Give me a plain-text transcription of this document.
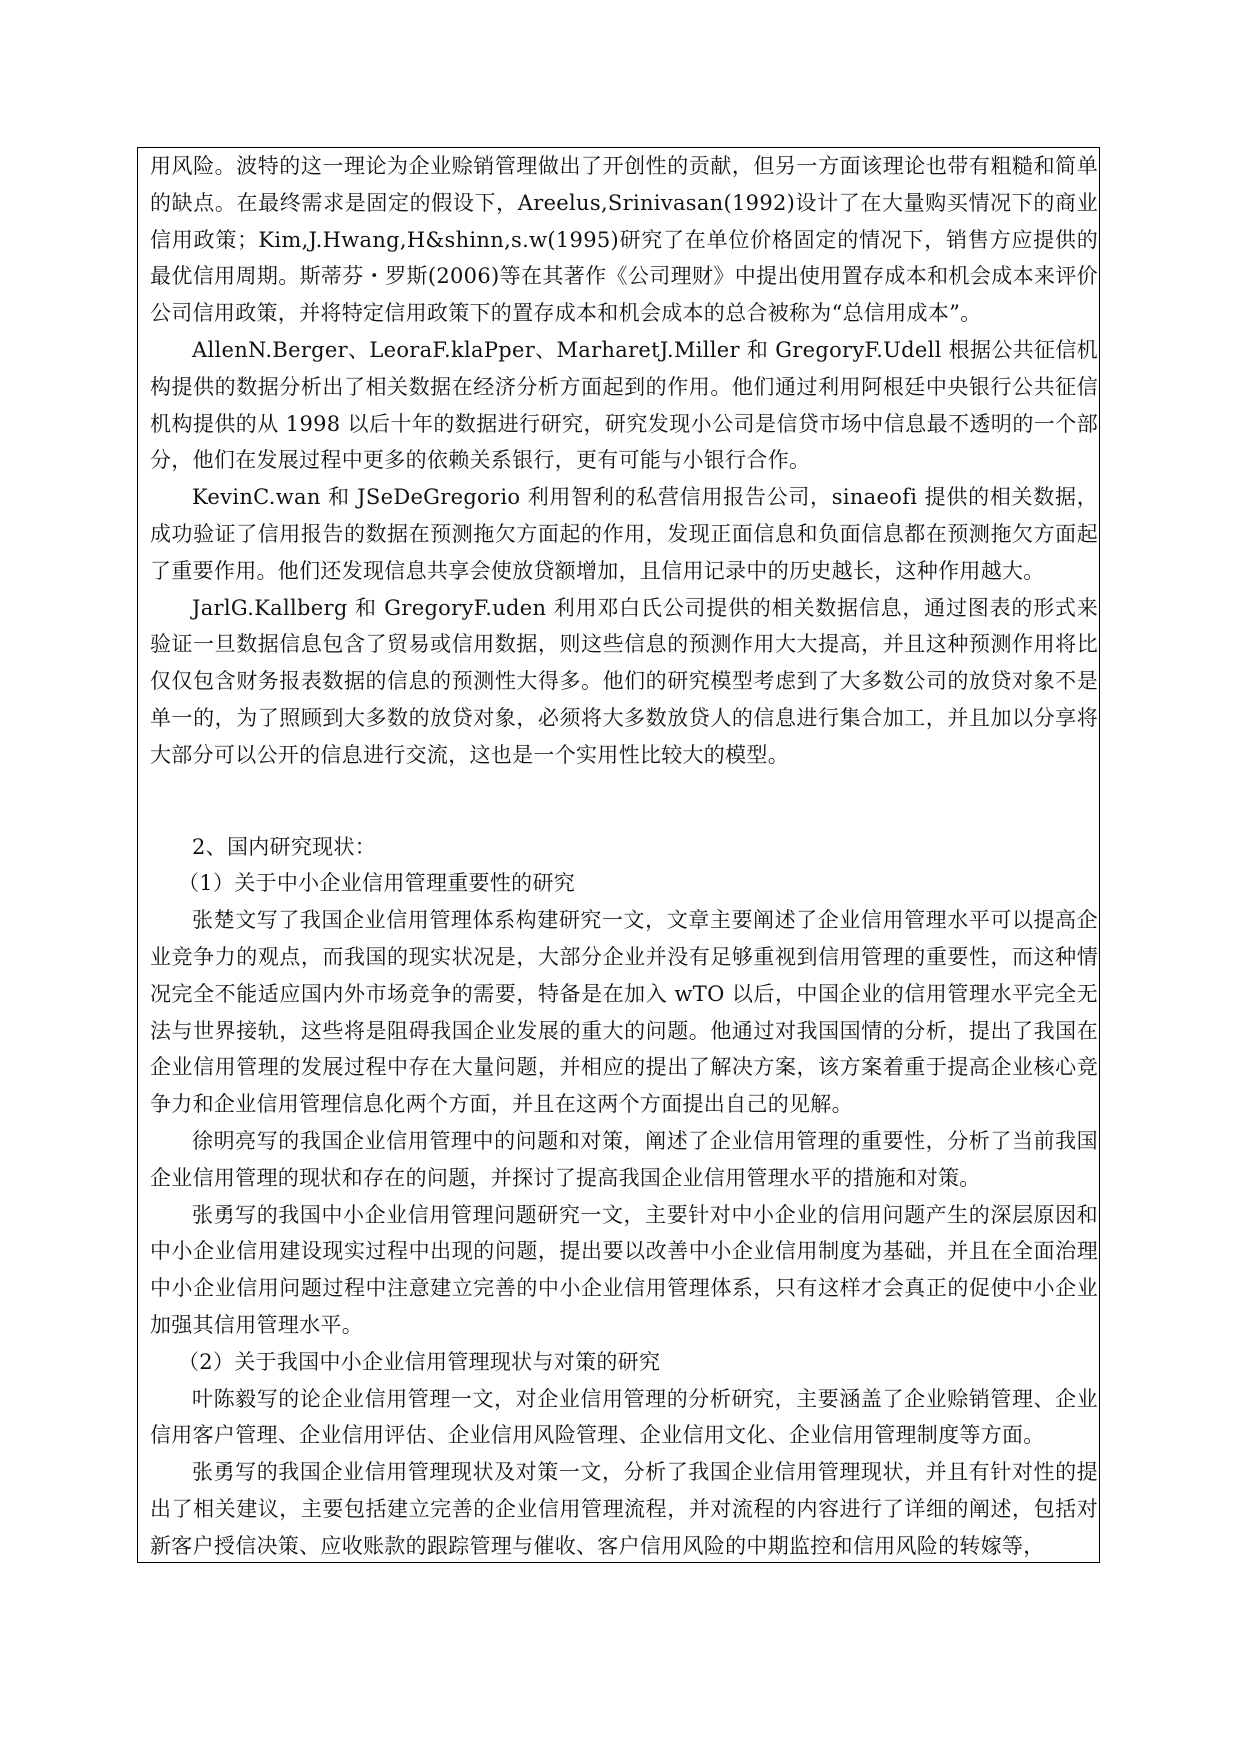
用风险。波特的这一理论为企业赊销管理做出了开创性的贡献，但另一方面该理论也带有粗糙和简单的缺点。在最终需求是固定的假设下，Areelus,Srinivasan(1992)设计了在大量购买情况下的商业信用政策；Kim,J.Hwang,H&shinn,s.w(1995)研究了在单位价格固定的情况下，销售方应提供的最优信用周期。斯蒂芬・罗斯(2006)等在其著作《公司理财》中提出使用置存成本和机会成本来评价公司信用政策，并将特定信用政策下的置存成本和机会成本的总合被称为“总信用成本”。

AllenN.Berger、LeoraF.klaPper、MarharetJ.Miller 和 GregoryF.Udell 根据公共征信机构提供的数据分析出了相关数据在经济分析方面起到的作用。他们通过利用阿根廷中央银行公共征信机构提供的从 1998 以后十年的数据进行研究，研究发现小公司是信贷市场中信息最不透明的一个部分，他们在发展过程中更多的依赖关系银行，更有可能与小银行合作。

KevinC.wan 和 JSeDeGregorio 利用智利的私营信用报告公司，sinaeofi 提供的相关数据，成功验证了信用报告的数据在预测拖欠方面起的作用，发现正面信息和负面信息都在预测拖欠方面起了重要作用。他们还发现信息共享会使放贷额增加，且信用记录中的历史越长，这种作用越大。

JarlG.Kallberg 和 GregoryF.uden 利用邓白氏公司提供的相关数据信息，通过图表的形式来验证一旦数据信息包含了贸易或信用数据，则这些信息的预测作用大大提高，并且这种预测作用将比仅仅包含财务报表数据的信息的预测性大得多。他们的研究模型考虑到了大多数公司的放贷对象不是单一的，为了照顾到大多数的放贷对象，必须将大多数放贷人的信息进行集合加工，并且加以分享将大部分可以公开的信息进行交流，这也是一个实用性比较大的模型。

2、国内研究现状：

（1）关于中小企业信用管理重要性的研究

张楚文写了我国企业信用管理体系构建研究一文，文章主要阐述了企业信用管理水平可以提高企业竞争力的观点，而我国的现实状况是，大部分企业并没有足够重视到信用管理的重要性，而这种情况完全不能适应国内外市场竞争的需要，特备是在加入 wTO 以后，中国企业的信用管理水平完全无法与世界接轨，这些将是阻碍我国企业发展的重大的问题。他通过对我国国情的分析，提出了我国在企业信用管理的发展过程中存在大量问题，并相应的提出了解决方案，该方案着重于提高企业核心竞争力和企业信用管理信息化两个方面，并且在这两个方面提出自己的见解。

徐明亮写的我国企业信用管理中的问题和对策，阐述了企业信用管理的重要性，分析了当前我国企业信用管理的现状和存在的问题，并探讨了提高我国企业信用管理水平的措施和对策。

张勇写的我国中小企业信用管理问题研究一文，主要针对中小企业的信用问题产生的深层原因和中小企业信用建设现实过程中出现的问题，提出要以改善中小企业信用制度为基础，并且在全面治理中小企业信用问题过程中注意建立完善的中小企业信用管理体系，只有这样才会真正的促使中小企业加强其信用管理水平。

（2）关于我国中小企业信用管理现状与对策的研究

叶陈毅写的论企业信用管理一文，对企业信用管理的分析研究，主要涵盖了企业赊销管理、企业信用客户管理、企业信用评估、企业信用风险管理、企业信用文化、企业信用管理制度等方面。

张勇写的我国企业信用管理现状及对策一文，分析了我国企业信用管理现状，并且有针对性的提出了相关建议，主要包括建立完善的企业信用管理流程，并对流程的内容进行了详细的阐述，包括对新客户授信决策、应收账款的跟踪管理与催收、客户信用风险的中期监控和信用风险的转嫁等，
